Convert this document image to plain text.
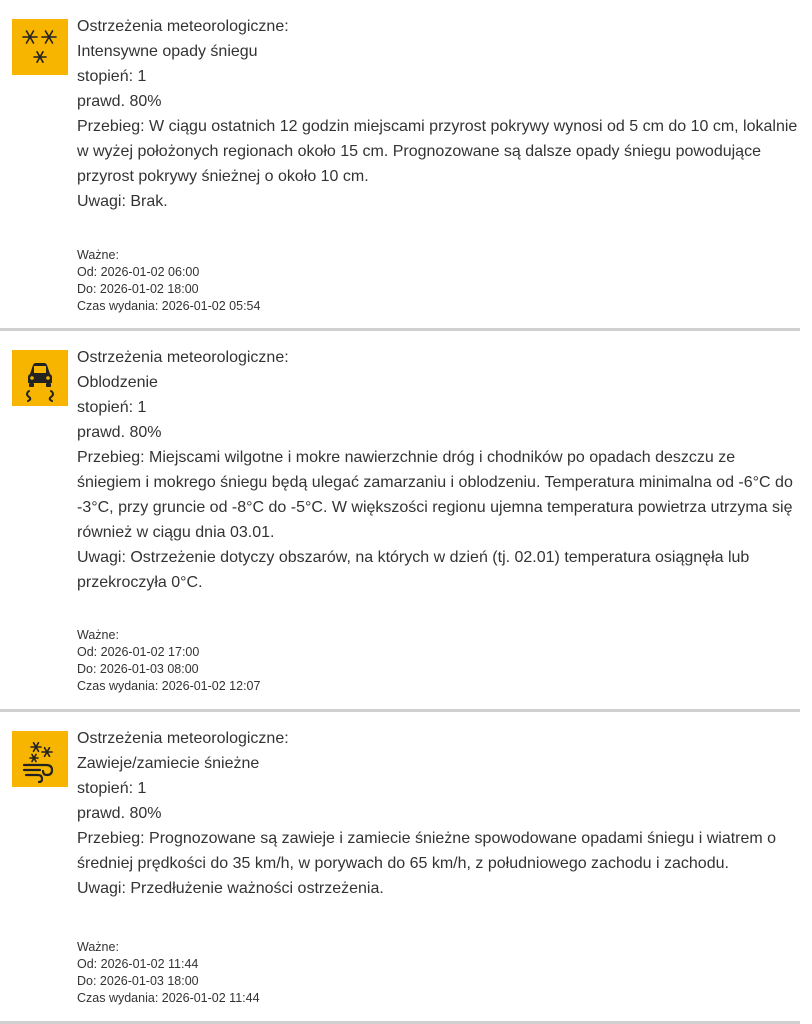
Ostrzeżenia meteorologiczne:
Intensywne opady śniegu
stopień: 1
prawd. 80%
Przebieg: W ciągu ostatnich 12 godzin miejscami przyrost pokrywy wynosi od 5 cm do 10 cm, lokalnie w wyżej położonych regionach około 15 cm. Prognozowane są dalsze opady śniegu powodujące przyrost pokrywy śnieżnej o około 10 cm.
Uwagi: Brak.
Ważne:
Od: 2026-01-02 06:00
Do: 2026-01-02 18:00
Czas wydania: 2026-01-02 05:54
Ostrzeżenia meteorologiczne:
Oblodzenie
stopień: 1
prawd. 80%
Przebieg: Miejscami wilgotne i mokre nawierzchnie dróg i chodników po opadach deszczu ze śniegiem i mokrego śniegu będą ulegać zamarzaniu i oblodzeniu. Temperatura minimalna od -6°C do -3°C, przy gruncie od -8°C do -5°C. W większości regionu ujemna temperatura powietrza utrzyma się również w ciągu dnia 03.01.
Uwagi: Ostrzeżenie dotyczy obszarów, na których w dzień (tj. 02.01) temperatura osiągnęła lub przekroczyła 0°C.
Ważne:
Od: 2026-01-02 17:00
Do: 2026-01-03 08:00
Czas wydania: 2026-01-02 12:07
Ostrzeżenia meteorologiczne:
Zawieje/zamiecie śnieżne
stopień: 1
prawd. 80%
Przebieg: Prognozowane są zawieje i zamiecie śnieżne spowodowane opadami śniegu i wiatrem o średniej prędkości do 35 km/h, w porywach do 65 km/h, z południowego zachodu i zachodu.
Uwagi: Przedłużenie ważności ostrzeżenia.
Ważne:
Od: 2026-01-02 11:44
Do: 2026-01-03 18:00
Czas wydania: 2026-01-02 11:44
